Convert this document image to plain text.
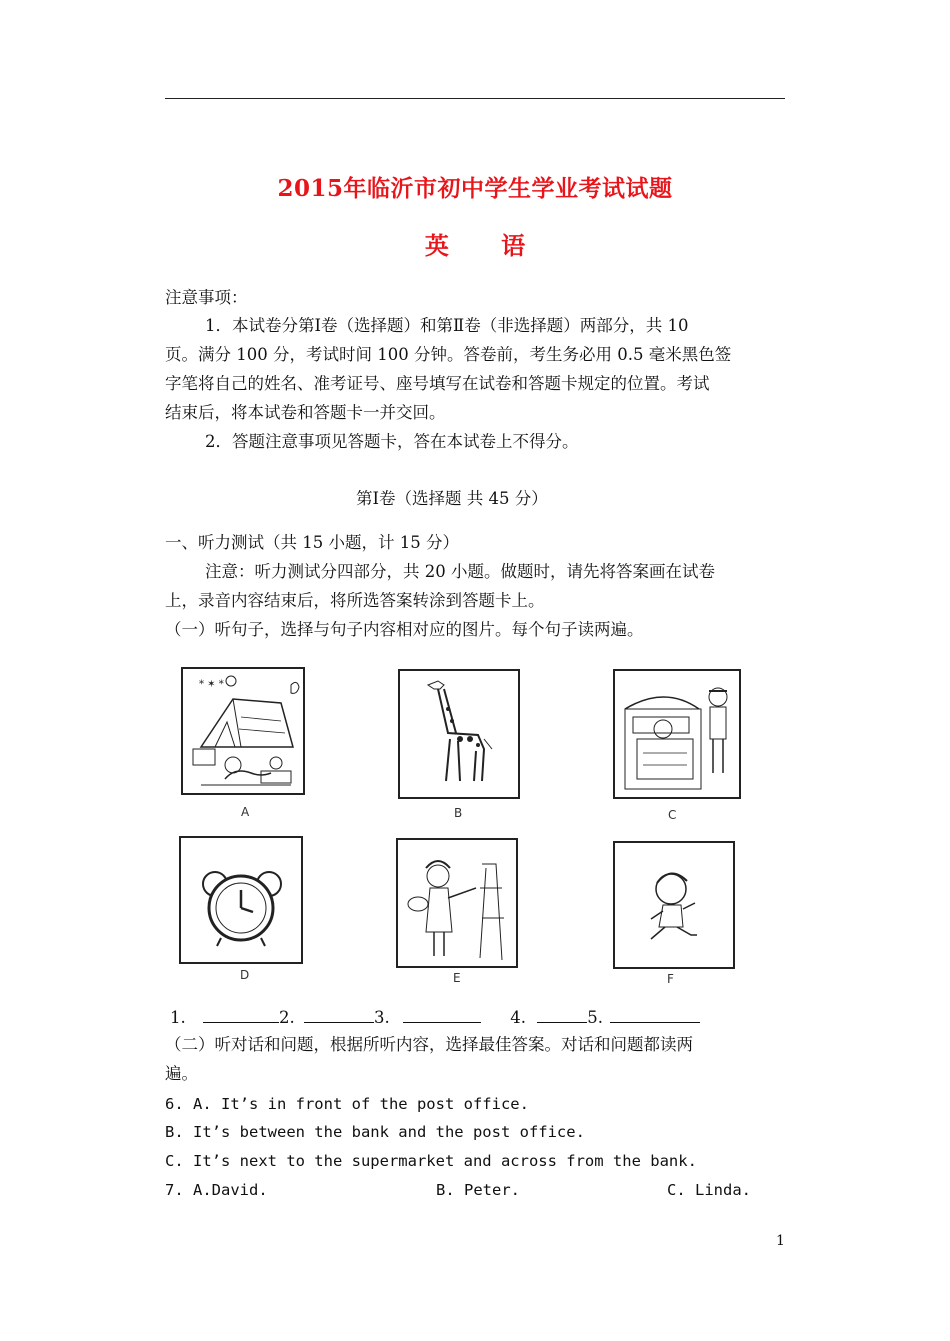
2015年临沂市初中学生学业考试试题
英 语
注意事项：
1．本试卷分第Ⅰ卷（选择题）和第Ⅱ卷（非选择题）两部分，共 10
页。满分 100 分，考试时间 100 分钟。答卷前，考生务必用 0.5 毫米黑色签
字笔将自己的姓名、准考证号、座号填写在试卷和答题卡规定的位置。考试
结束后，将本试卷和答题卡一并交回。
2．答题注意事项见答题卡，答在本试卷上不得分。
第Ⅰ卷（选择题 共 45 分）
一、听力测试（共 15 小题，计 15 分）
注意：听力测试分四部分，共 20 小题。做题时，请先将答案画在试卷
上，录音内容结束后，将所选答案转涂到答题卡上。
（一）听句子，选择与句子内容相对应的图片。每个句子读两遍。
* ✶ *
A	B	C
D	E	F
1.	2.	3.	4.	5.
（二）听对话和问题，根据所听内容，选择最佳答案。对话和问题都读两
遍。
6. A. It’s in front of the post office.
B. It’s between the bank and the post office.
C. It’s next to the supermarket and across from the bank.
7. A.David.	B. Peter.	C. Linda.
1
